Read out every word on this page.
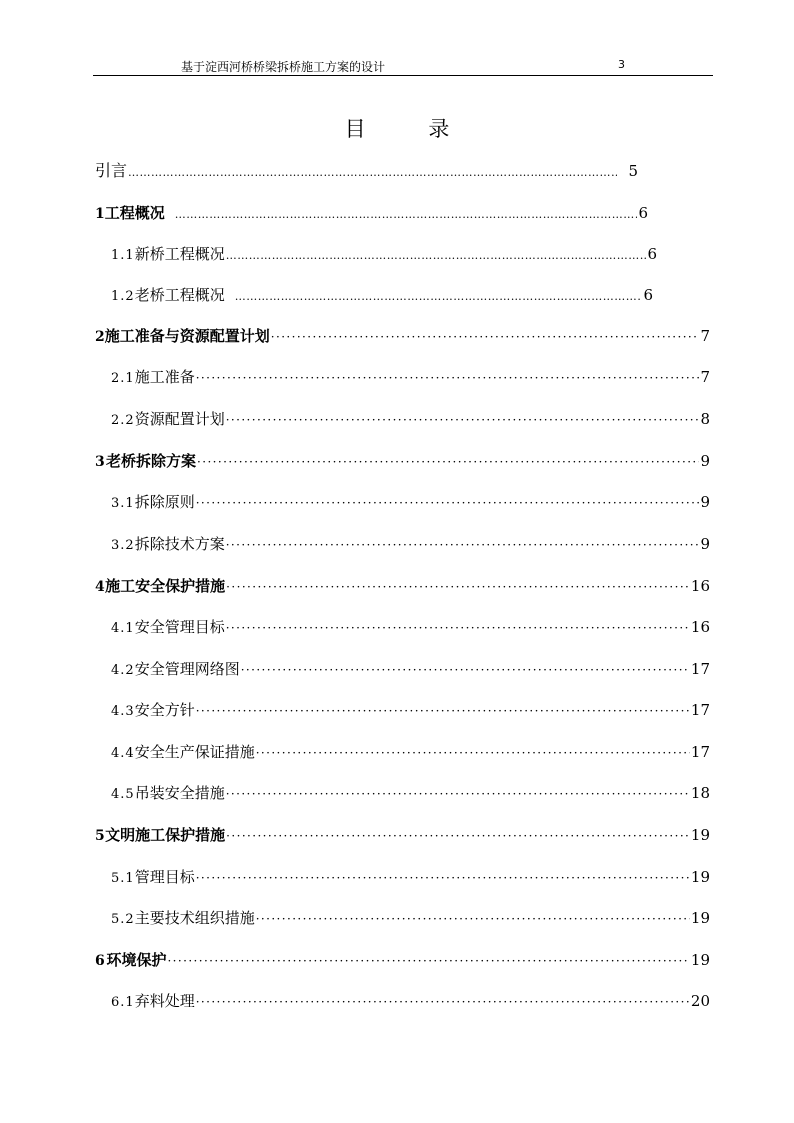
基于淀西河桥桥梁拆桥施工方案的设计	3
目 录
引言 ………………………………………………………………………………………………………………………………………………………………………………………………………………………………………………………………………………	5
1 工程概况 ………………………………………………………………………………………………………………………………………………………………………………………………………………………………………………………………………………	6
1.1 新桥工程概况 ………………………………………………………………………………………………………………………………………………………………………………………………………………………………………………………………………………	6
1.2 老桥工程概况 ………………………………………………………………………………………………………………………………………………………………………………………………………………………………………………………………………………	6
2 施工准备与资源配置计划 ·····	7
2.1 施工准备 ·····	7
2.2 资源配置计划 ·····	8
3 老桥拆除方案 ·····	9
3.1 拆除原则 ·····	9
3.2 拆除技术方案 ·····	9
4 施工安全保护措施 ·····	16
4.1 安全管理目标 ·····	16
4.2 安全管理网络图 ·····	17
4.3 安全方针 ·····	17
4.4 安全生产保证措施 ·····	17
4.5 吊装安全措施 ·····	18
5 文明施工保护措施 ·····	19
5.1 管理目标 ·····	19
5.2 主要技术组织措施 ·····	19
6 环境保护 ·····	19
6.1 弃料处理 ·····	20
